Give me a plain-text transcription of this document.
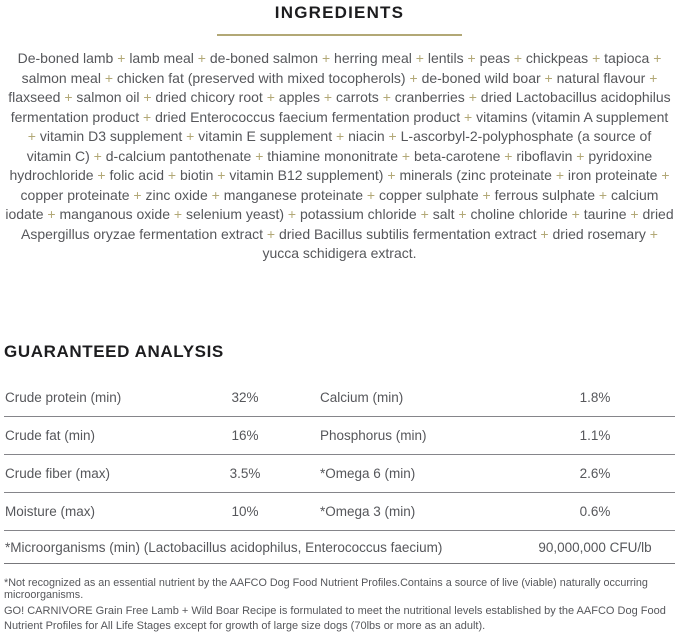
INGREDIENTS

De-boned lamb + lamb meal + de-boned salmon + herring meal + lentils + peas + chickpeas + tapioca + salmon meal + chicken fat (preserved with mixed tocopherols) + de-boned wild boar + natural flavour + flaxseed + salmon oil + dried chicory root + apples + carrots + cranberries + dried Lactobacillus acidophilus fermentation product + dried Enterococcus faecium fermentation product + vitamins (vitamin A supplement + vitamin D3 supplement + vitamin E supplement + niacin + L-ascorbyl-2-polyphosphate (a source of vitamin C) + d-calcium pantothenate + thiamine mononitrate + beta-carotene + riboflavin + pyridoxine hydrochloride + folic acid + biotin + vitamin B12 supplement) + minerals (zinc proteinate + iron proteinate + copper proteinate + zinc oxide + manganese proteinate + copper sulphate + ferrous sulphate + calcium iodate + manganous oxide + selenium yeast) + potassium chloride + salt + choline chloride + taurine + dried Aspergillus oryzae fermentation extract + dried Bacillus subtilis fermentation extract + dried rosemary + yucca schidigera extract.

GUARANTEED ANALYSIS
Crude protein (min)	32%	Calcium (min)	1.8%
Crude fat (min)	16%	Phosphorus (min)	1.1%
Crude fiber (max)	3.5%	*Omega 6 (min)	2.6%
Moisture (max)	10%	*Omega 3 (min)	0.6%
*Microorganisms (min) (Lactobacillus acidophilus, Enterococcus faecium)	90,000,000 CFU/lb

*Not recognized as an essential nutrient by the AAFCO Dog Food Nutrient Profiles.Contains a source of live (viable) naturally occurring microorganisms.

GO! CARNIVORE Grain Free Lamb + Wild Boar Recipe is formulated to meet the nutritional levels established by the AAFCO Dog Food Nutrient Profiles for All Life Stages except for growth of large size dogs (70lbs or more as an adult).
